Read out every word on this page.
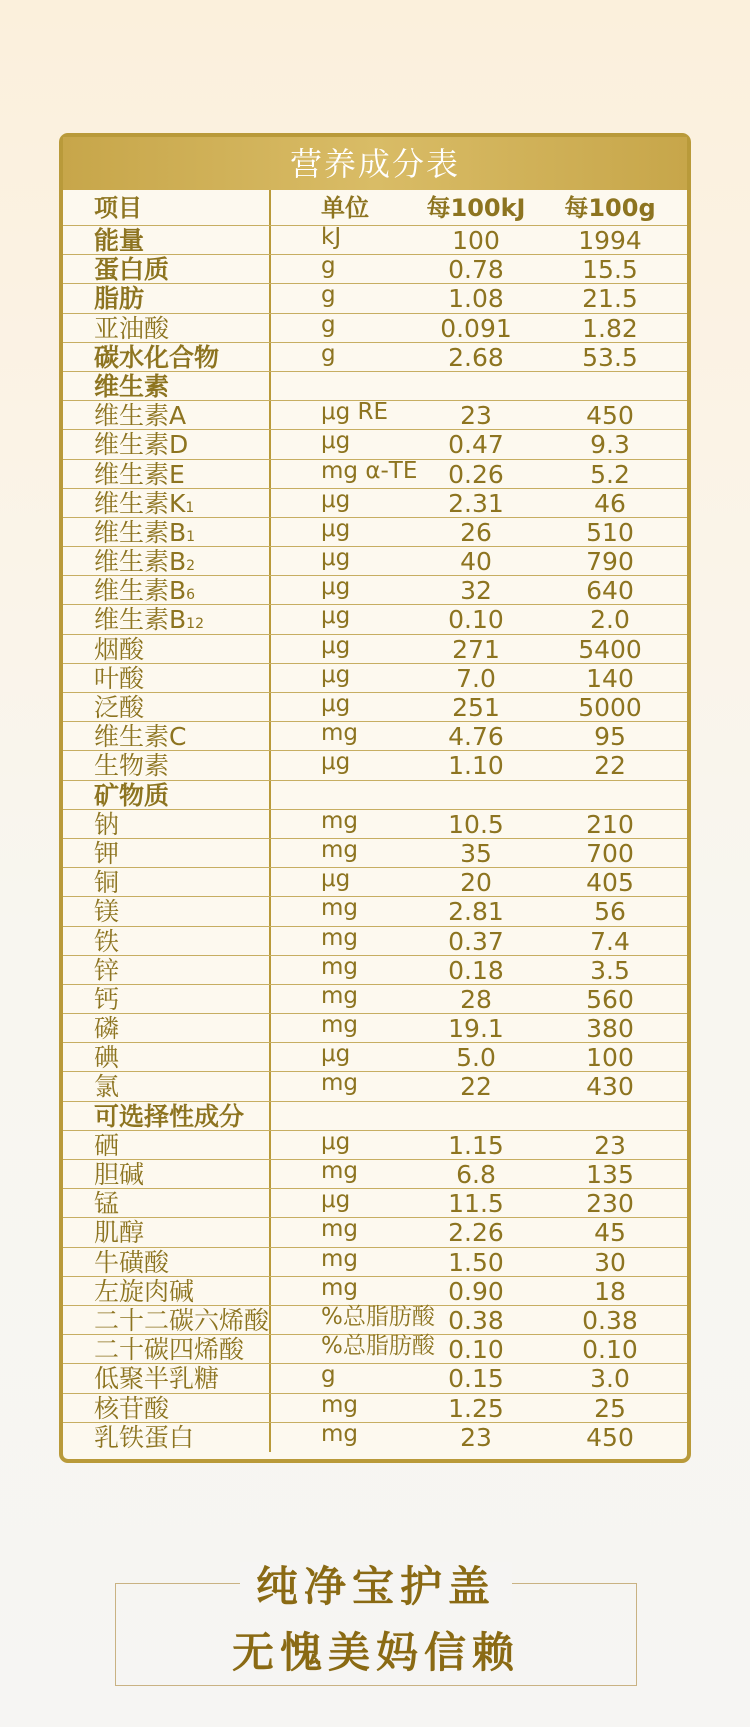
营养成分表
项目	单位	每100kJ	每100g
能量	kJ	100	1994
蛋白质	g	0.78	15.5
脂肪	g	1.08	21.5
亚油酸	g	0.091	1.82
碳水化合物	g	2.68	53.5
维生素
维生素A	μg RE	23	450
维生素D	μg	0.47	9.3
维生素E	mg α-TE	0.26	5.2
维生素K1	μg	2.31	46
维生素B1	μg	26	510
维生素B2	μg	40	790
维生素B6	μg	32	640
维生素B12	μg	0.10	2.0
烟酸	μg	271	5400
叶酸	μg	7.0	140
泛酸	μg	251	5000
维生素C	mg	4.76	95
生物素	μg	1.10	22
矿物质
钠	mg	10.5	210
钾	mg	35	700
铜	μg	20	405
镁	mg	2.81	56
铁	mg	0.37	7.4
锌	mg	0.18	3.5
钙	mg	28	560
磷	mg	19.1	380
碘	μg	5.0	100
氯	mg	22	430
可选择性成分
硒	μg	1.15	23
胆碱	mg	6.8	135
锰	μg	11.5	230
肌醇	mg	2.26	45
牛磺酸	mg	1.50	30
左旋肉碱	mg	0.90	18
二十二碳六烯酸	%总脂肪酸 0.38	0.38
二十碳四烯酸	%总脂肪酸 0.10	0.10
低聚半乳糖	g	0.15	3.0
核苷酸	mg	1.25	25
乳铁蛋白	mg	23	450
纯净宝护盖
无愧美妈信赖
